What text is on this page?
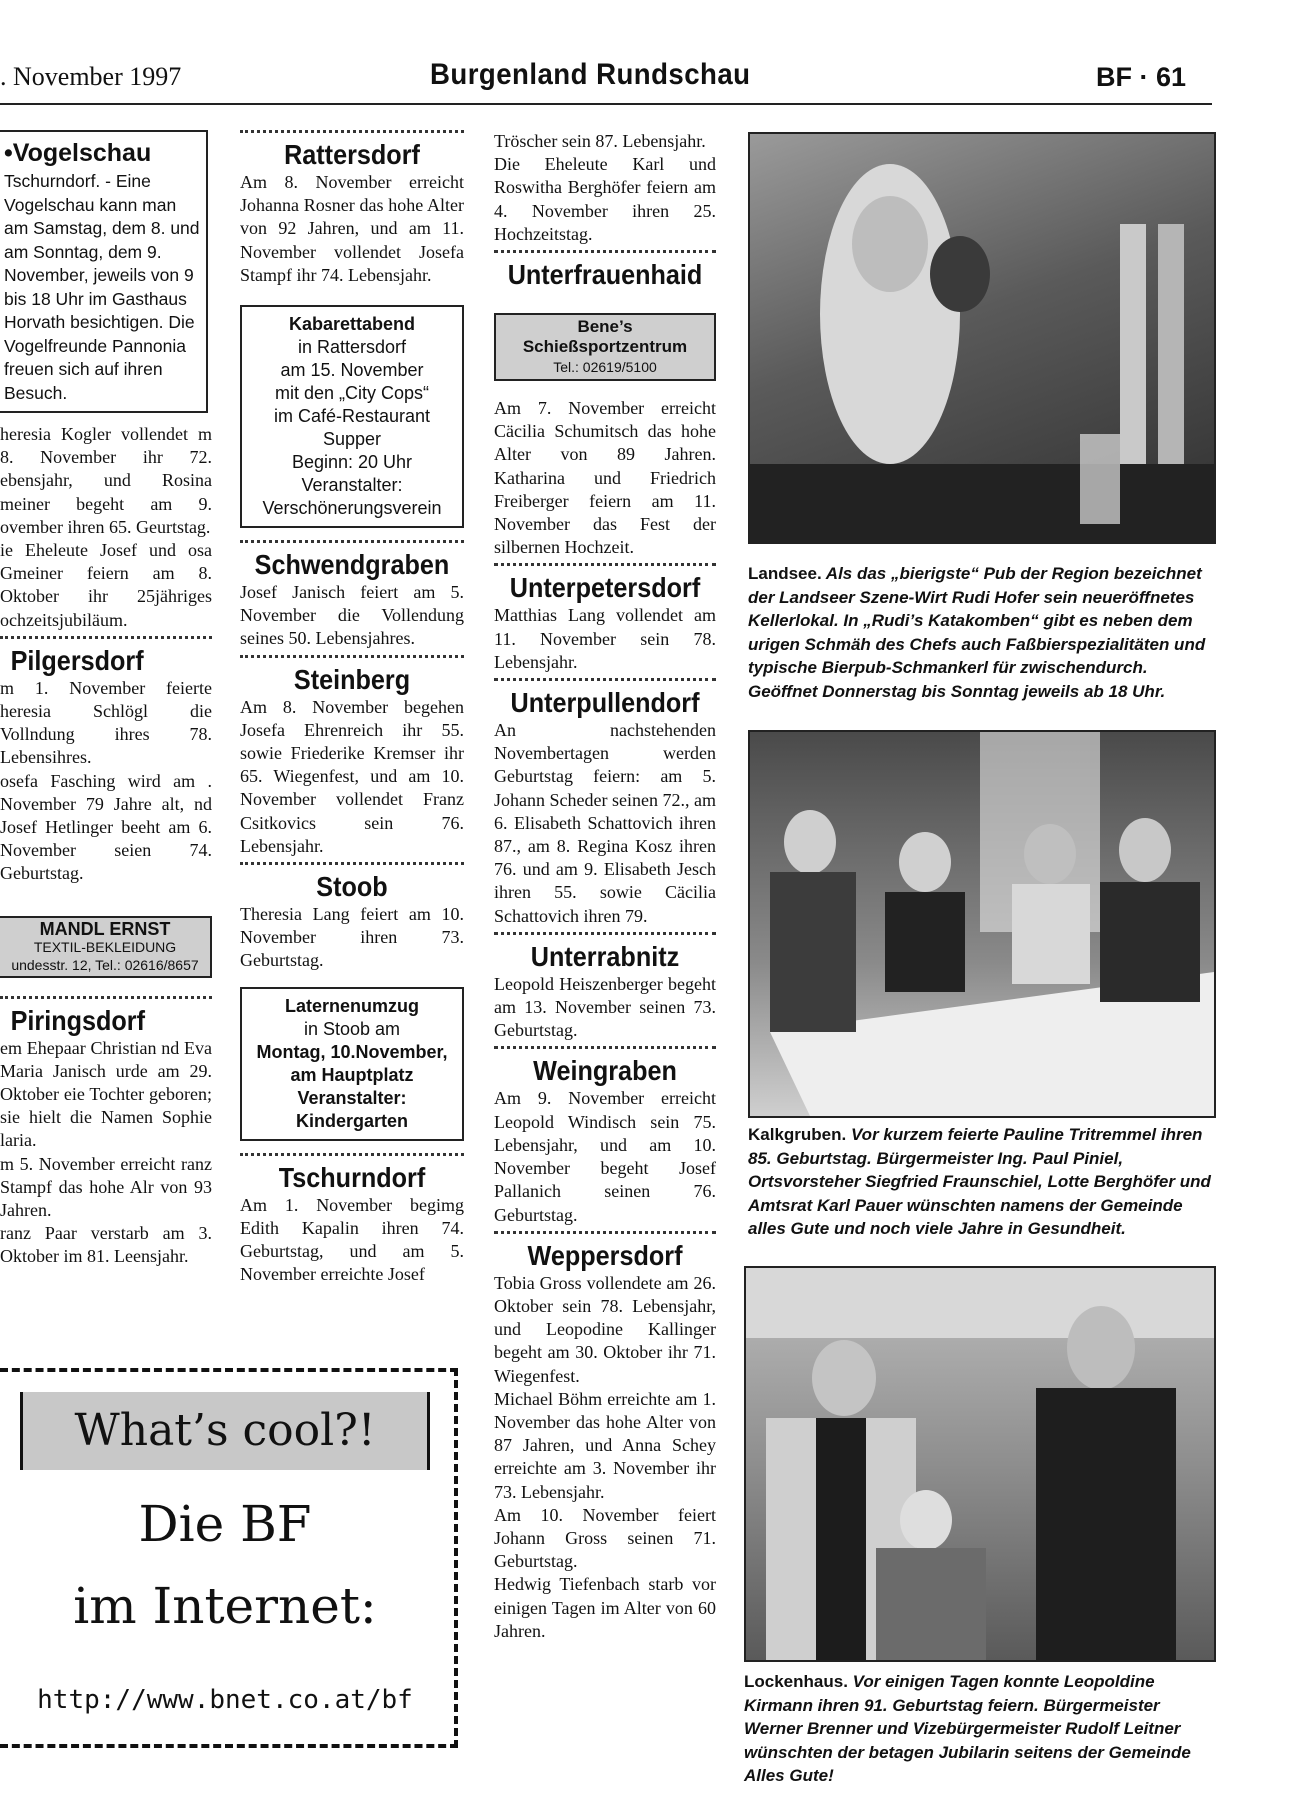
. November 1997	Burgenland Rundschau	BF · 61
•Vogelschau

Tschurndorf. - Eine Vogelschau kann man am Samstag, dem 8. und am Sonntag, dem 9. November, jeweils von 9 bis 18 Uhr im Gasthaus Horvath besichtigen. Die Vogelfreunde Pannonia freuen sich auf ihren Besuch.

heresia Kogler vollendet m 8. November ihr 72. ebensjahr, und Rosina meiner begeht am 9. ovember ihren 65. Geurtstag.

ie Eheleute Josef und osa Gmeiner feiern am 8. Oktober ihr 25jähriges ochzeitsjubiläum.

Pilgersdorf

m 1. November feierte heresia Schlögl die Vollndung ihres 78. Lebensihres.

osefa Fasching wird am . November 79 Jahre alt, nd Josef Hetlinger beeht am 6. November seien 74. Geburtstag.

MANDL ERNST
TEXTIL-BEKLEIDUNG
undesstr. 12, Tel.: 02616/8657
Piringsdorf

em Ehepaar Christian nd Eva Maria Janisch urde am 29. Oktober eie Tochter geboren; sie hielt die Namen Sophie laria.

m 5. November erreicht ranz Stampf das hohe Alr von 93 Jahren.

ranz Paar verstarb am 3. Oktober im 81. Leensjahr.

Rattersdorf

Am 8. November erreicht Johanna Rosner das hohe Alter von 92 Jahren, und am 11. November vollendet Josefa Stampf ihr 74. Lebensjahr.

Kabarettabend
in Rattersdorf
am 15. November
mit den „City Cops“
im Café-Restaurant
Supper
Beginn: 20 Uhr
Veranstalter:
Verschönerungsverein
Schwendgraben

Josef Janisch feiert am 5. November die Vollendung seines 50. Lebensjahres.

Steinberg

Am 8. November begehen Josefa Ehrenreich ihr 55. sowie Friederike Kremser ihr 65. Wiegenfest, und am 10. November vollendet Franz Csitkovics sein 76. Lebensjahr.

Stoob

Theresia Lang feiert am 10. November ihren 73. Geburtstag.

Laternenumzug
in Stoob am
Montag, 10.November,
am Hauptplatz
Veranstalter:
Kindergarten
Tschurndorf

Am 1. November begimg Edith Kapalin ihren 74. Geburtstag, und am 5. November erreichte Josef

Tröscher sein 87. Lebensjahr.

Die Eheleute Karl und Roswitha Berghöfer feiern am 4. November ihren 25. Hochzeitstag.

Unterfrauenhaid
Bene’s
Schießsportzentrum
Tel.: 02619/5100

Am 7. November erreicht Cäcilia Schumitsch das hohe Alter von 89 Jahren. Katharina und Friedrich Freiberger feiern am 11. November das Fest der silbernen Hochzeit.

Unterpetersdorf

Matthias Lang vollendet am 11. November sein 78. Lebensjahr.

Unterpullendorf

An nachstehenden Novembertagen werden Geburtstag feiern: am 5. Johann Scheder seinen 72., am 6. Elisabeth Schattovich ihren 87., am 8. Regina Kosz ihren 76. und am 9. Elisabeth Jesch ihren 55. sowie Cäcilia Schattovich ihren 79.

Unterrabnitz

Leopold Heiszenberger begeht am 13. November seinen 73. Geburtstag.

Weingraben

Am 9. November erreicht Leopold Windisch sein 75. Lebensjahr, und am 10. November begeht Josef Pallanich seinen 76. Geburtstag.

Weppersdorf

Tobia Gross vollendete am 26. Oktober sein 78. Lebensjahr, und Leopodine Kallinger begeht am 30. Oktober ihr 71. Wiegenfest.

Michael Böhm erreichte am 1. November das hohe Alter von 87 Jahren, und Anna Schey erreichte am 3. November ihr 73. Lebensjahr.

Am 10. November feiert Johann Gross seinen 71. Geburtstag.

Hedwig Tiefenbach starb vor einigen Tagen im Alter von 60 Jahren.

Landsee. Als das „bierigste“ Pub der Region bezeichnet der Landseer Szene-Wirt Rudi Hofer sein neueröffnetes Kellerlokal. In „Rudi’s Katakomben“ gibt es neben dem urigen Schmäh des Chefs auch Faßbierspezialitäten und typische Bierpub-Schmankerl für zwischendurch. Geöffnet Donnerstag bis Sonntag jeweils ab 18 Uhr.
Kalkgruben. Vor kurzem feierte Pauline Tritremmel ihren 85. Geburtstag. Bürgermeister Ing. Paul Piniel, Ortsvorsteher Siegfried Fraunschiel, Lotte Berghöfer und Amtsrat Karl Pauer wünschten namens der Gemeinde alles Gute und noch viele Jahre in Gesundheit.
Lockenhaus. Vor einigen Tagen konnte Leopoldine Kirmann ihren 91. Geburtstag feiern. Bürgermeister Werner Brenner und Vizebürgermeister Rudolf Leitner wünschten der betagen Jubilarin seitens der Gemeinde Alles Gute!
What’s cool?!
Die BF
im Internet:
http://www.bnet.co.at/bf
